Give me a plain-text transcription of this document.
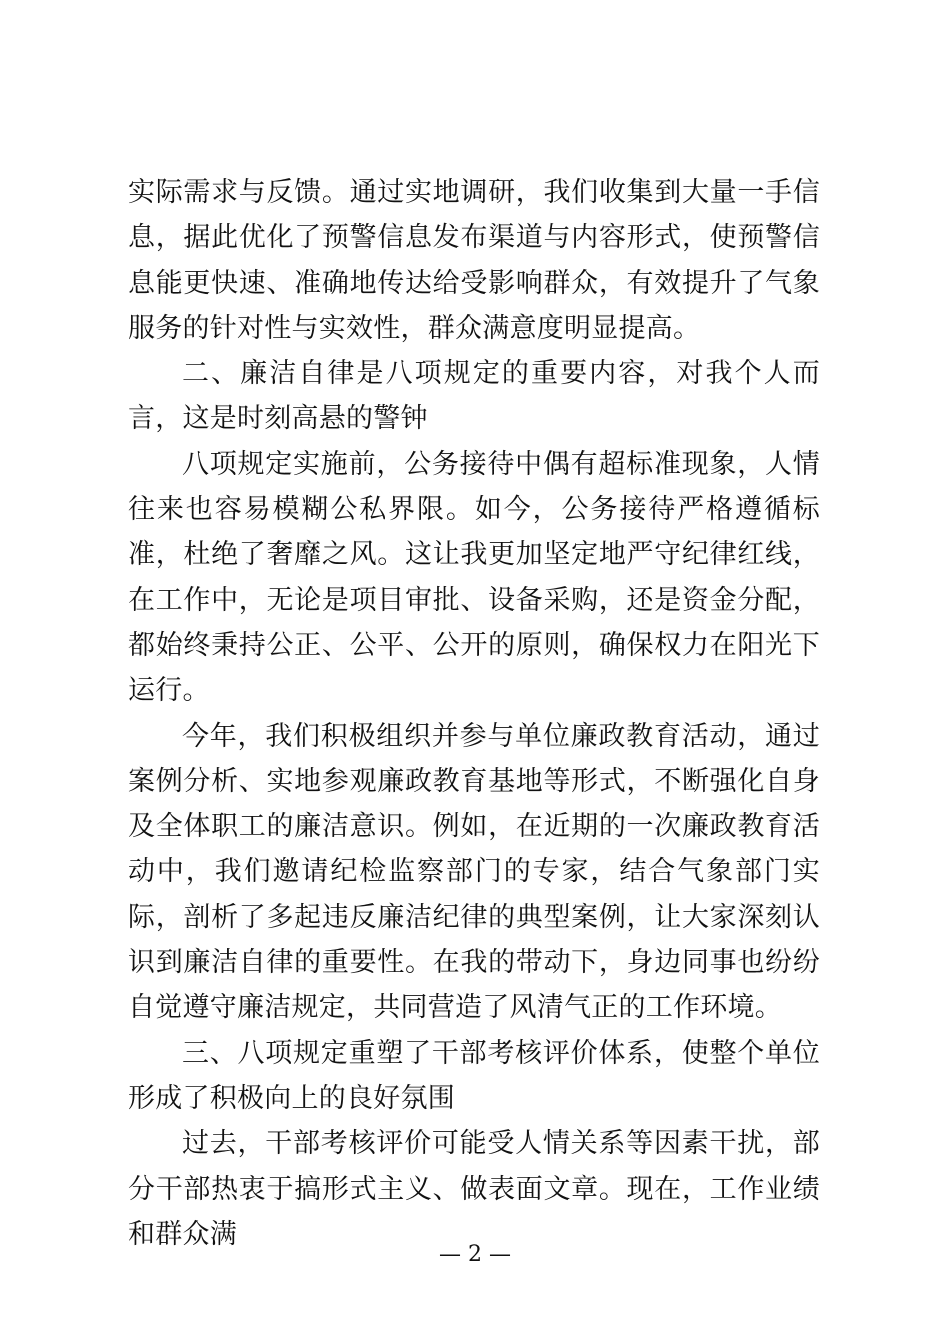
实际需求与反馈。通过实地调研，我们收集到大量一手信息，据此优化了预警信息发布渠道与内容形式，使预警信息能更快速、准确地传达给受影响群众，有效提升了气象服务的针对性与实效性，群众满意度明显提高。

二、廉洁自律是八项规定的重要内容，对我个人而言，这是时刻高悬的警钟

八项规定实施前，公务接待中偶有超标准现象，人情往来也容易模糊公私界限。如今，公务接待严格遵循标准，杜绝了奢靡之风。这让我更加坚定地严守纪律红线，在工作中，无论是项目审批、设备采购，还是资金分配，都始终秉持公正、公平、公开的原则，确保权力在阳光下运行。

今年，我们积极组织并参与单位廉政教育活动，通过案例分析、实地参观廉政教育基地等形式，不断强化自身及全体职工的廉洁意识。例如，在近期的一次廉政教育活动中，我们邀请纪检监察部门的专家，结合气象部门实际，剖析了多起违反廉洁纪律的典型案例，让大家深刻认识到廉洁自律的重要性。在我的带动下，身边同事也纷纷自觉遵守廉洁规定，共同营造了风清气正的工作环境。

三、八项规定重塑了干部考核评价体系，使整个单位形成了积极向上的良好氛围

过去，干部考核评价可能受人情关系等因素干扰，部分干部热衷于搞形式主义、做表面文章。现在，工作业绩和群众满

— 2 —
